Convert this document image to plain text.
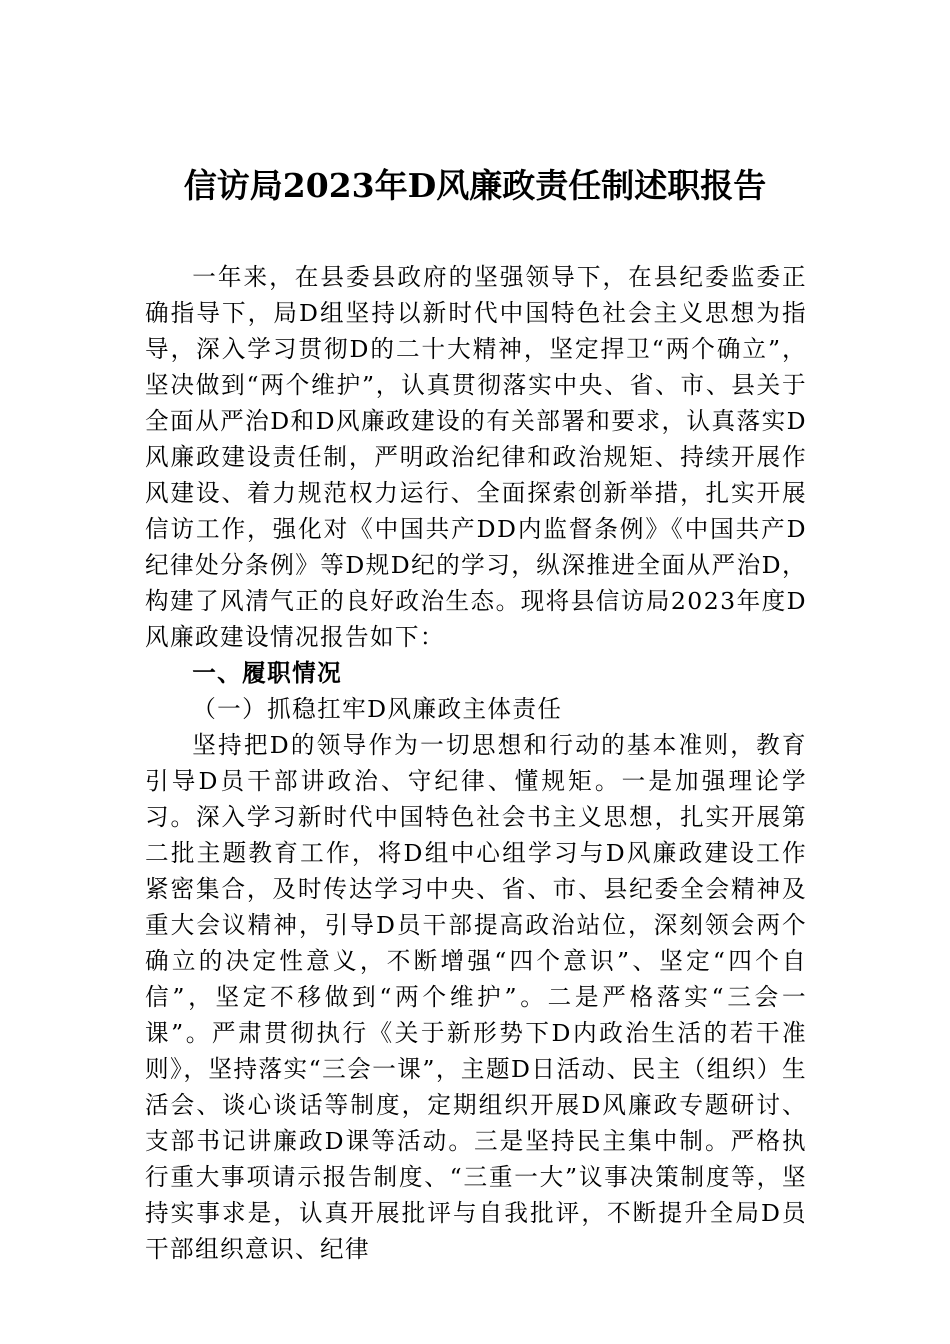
信访局2023年D风廉政责任制述职报告

一年来，在县委县政府的坚强领导下，在县纪委监委正确指导下，局D组坚持以新时代中国特色社会主义思想为指导，深入学习贯彻D的二十大精神，坚定捍卫“两个确立”，坚决做到“两个维护”，认真贯彻落实中央、省、市、县关于全面从严治D和D风廉政建设的有关部署和要求，认真落实D风廉政建设责任制，严明政治纪律和政治规矩、持续开展作风建设、着力规范权力运行、全面探索创新举措，扎实开展信访工作，强化对《中国共产DD内监督条例》《中国共产D纪律处分条例》等D规D纪的学习，纵深推进全面从严治D，构建了风清气正的良好政治生态。现将县信访局2023年度D风廉政建设情况报告如下：

一、履职情况

（一）抓稳扛牢D风廉政主体责任

坚持把D的领导作为一切思想和行动的基本准则，教育引导D员干部讲政治、守纪律、懂规矩。一是加强理论学习。深入学习新时代中国特色社会书主义思想，扎实开展第二批主题教育工作，将D组中心组学习与D风廉政建设工作紧密集合，及时传达学习中央、省、市、县纪委全会精神及重大会议精神，引导D员干部提高政治站位，深刻领会两个确立的决定性意义，不断增强“四个意识”、坚定“四个自信”，坚定不移做到“两个维护”。二是严格落实“三会一课”。严肃贯彻执行《关于新形势下D内政治生活的若干准则》，坚持落实“三会一课”，主题D日活动、民主（组织）生活会、谈心谈话等制度，定期组织开展D风廉政专题研讨、支部书记讲廉政D课等活动。三是坚持民主集中制。严格执行重大事项请示报告制度、“三重一大”议事决策制度等，坚持实事求是，认真开展批评与自我批评，不断提升全局D员干部组织意识、纪律
